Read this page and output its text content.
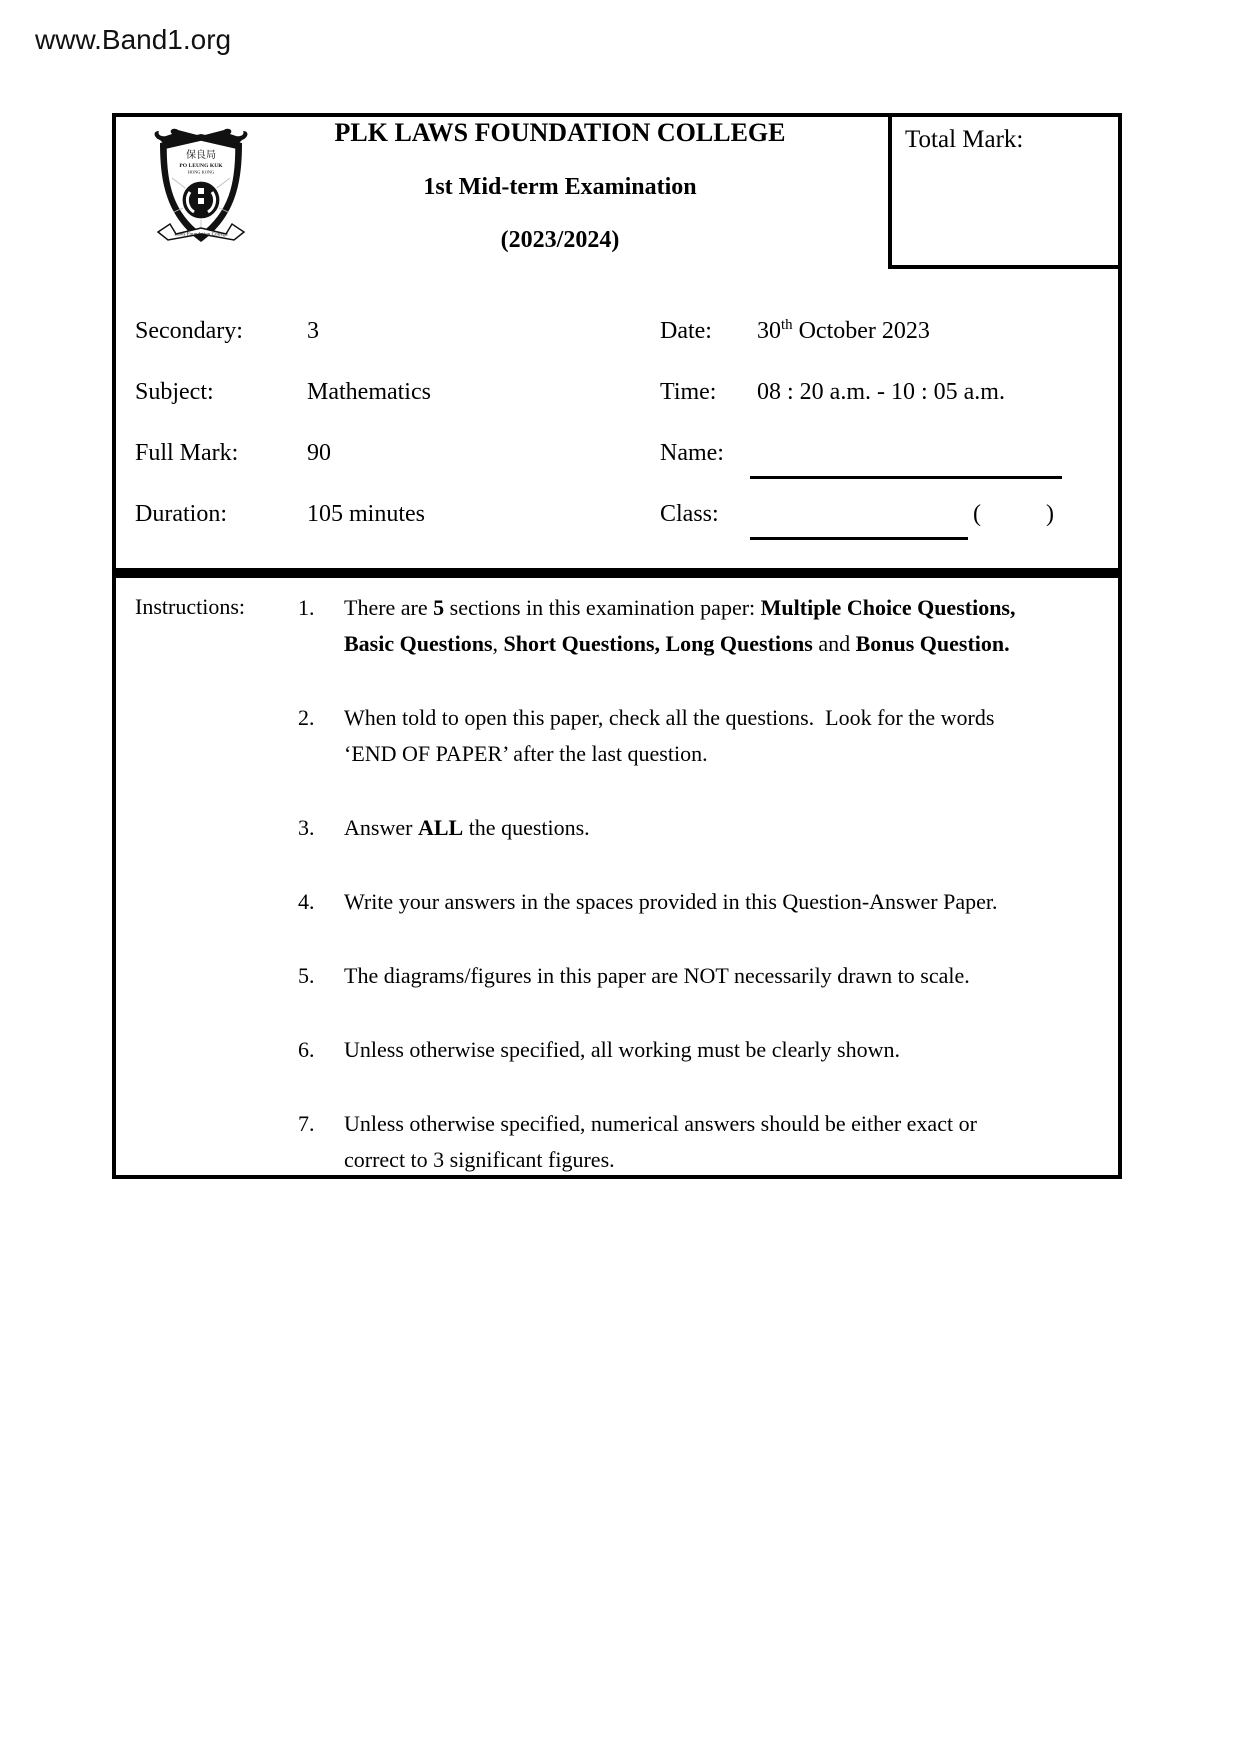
www.Band1.org
Total Mark:
保良局
PO LEUNG KUK
HONG KONG
Laws Foundation College
PLK LAWS FOUNDATION COLLEGE
1st Mid-term Examination
(2023/2024)
Secondary:	3
Subject:	Mathematics
Full Mark:	90
Duration:	105 minutes
Date: 30th October 2023
Time: 08 : 20 a.m. - 10 : 05 a.m.
Name:
Class:	(	)
Instructions: 1.	There are 5 sections in this examination paper: Multiple Choice Questions,
Basic Questions, Short Questions, Long Questions and Bonus Question.
2.	When told to open this paper, check all the questions.  Look for the words
‘END OF PAPER’ after the last question.
3.	Answer ALL the questions.
4.	Write your answers in the spaces provided in this Question-Answer Paper.
5.	The diagrams/figures in this paper are NOT necessarily drawn to scale.
6.	Unless otherwise specified, all working must be clearly shown.
7.	Unless otherwise specified, numerical answers should be either exact or
correct to 3 significant figures.
